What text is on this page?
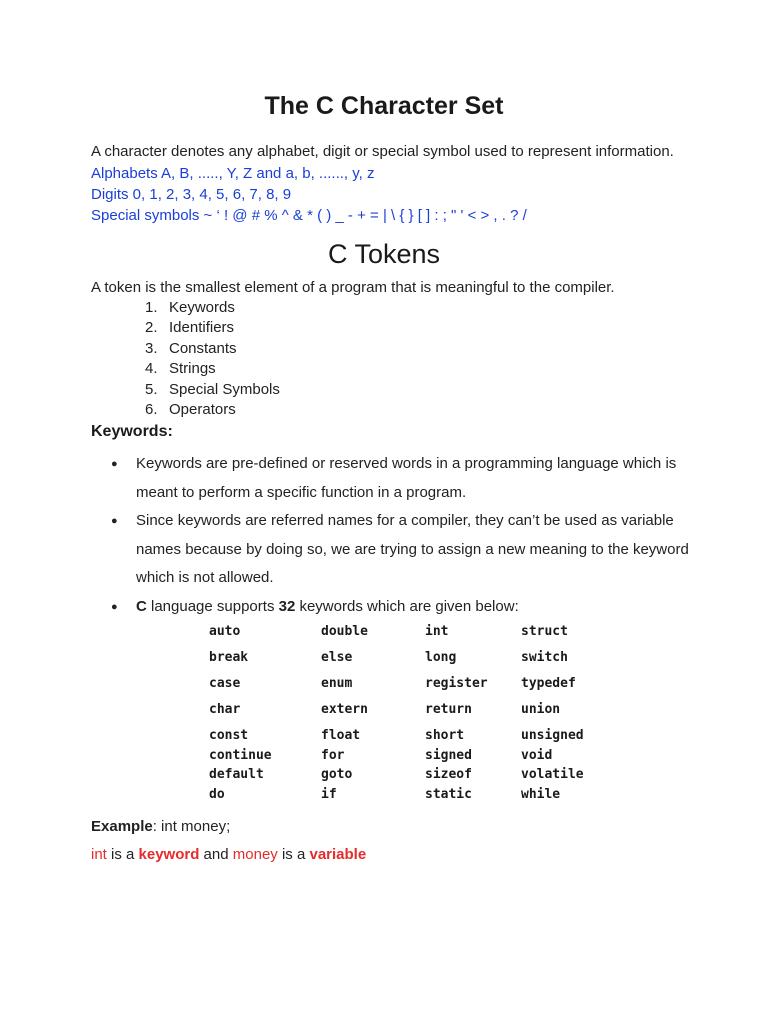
The C Character Set
A character denotes any alphabet, digit or special symbol used to represent information.
Alphabets A, B, ....., Y, Z and a, b, ......, y, z
Digits 0, 1, 2, 3, 4, 5, 6, 7, 8, 9
Special symbols ~ ‘ ! @ # % ^ & * ( ) _ - + = | \ { } [ ] : ; " ' < > , . ? /
C Tokens
A token is the smallest element of a program that is meaningful to the compiler.
1. Keywords
2. Identifiers
3. Constants
4. Strings
5. Special Symbols
6. Operators
Keywords:
● Keywords are pre-defined or reserved words in a programming language which is meant to perform a specific function in a program.
● Since keywords are referred names for a compiler, they can’t be used as variable names because by doing so, we are trying to assign a new meaning to the keyword which is not allowed.
● C language supports 32 keywords which are given below:
auto	double	int	struct
break	else	long	switch
case	enum	register	typedef
char	extern	return	union
const	float	short	unsigned
continue	for	signed	void
default	goto	sizeof	volatile
do	if	static	while
Example: int money;
int is a keyword and money is a variable
